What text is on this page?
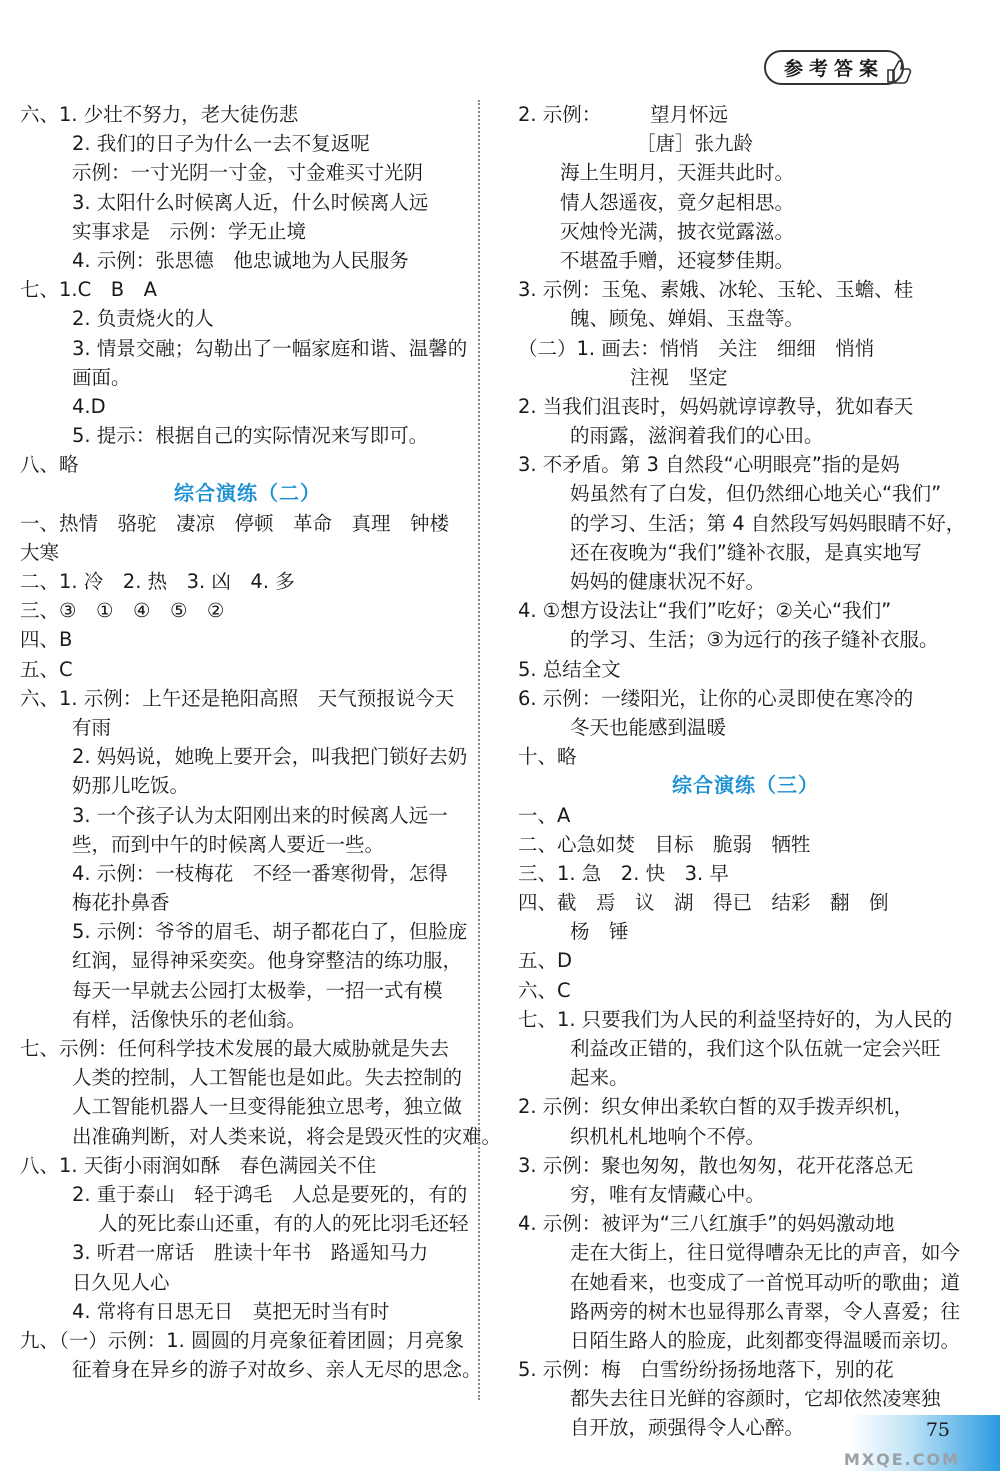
参考答案
六、1. 少壮不努力，老大徒伤悲
2. 我们的日子为什么一去不复返呢
示例：一寸光阴一寸金，寸金难买寸光阴
3. 太阳什么时候离人近，什么时候离人远
实事求是　示例：学无止境
4. 示例：张思德　他忠诚地为人民服务
七、1.C　B　A
2. 负责烧火的人
3. 情景交融；勾勒出了一幅家庭和谐、温馨的
画面。
4.D
5. 提示：根据自己的实际情况来写即可。
八、略
综合演练（二）
一、热情　骆驼　凄凉　停顿　革命　真理　钟楼
大寒
二、1. 冷　2. 热　3. 凶　4. 多
三、③　①　④　⑤　②
四、B
五、C
六、1. 示例：上午还是艳阳高照　天气预报说今天
有雨
2. 妈妈说，她晚上要开会，叫我把门锁好去奶
奶那儿吃饭。
3. 一个孩子认为太阳刚出来的时候离人远一
些，而到中午的时候离人要近一些。
4. 示例：一枝梅花　不经一番寒彻骨，怎得
梅花扑鼻香
5. 示例：爷爷的眉毛、胡子都花白了，但脸庞
红润，显得神采奕奕。他身穿整洁的练功服，
每天一早就去公园打太极拳，一招一式有模
有样，活像快乐的老仙翁。
七、示例：任何科学技术发展的最大威胁就是失去
人类的控制，人工智能也是如此。失去控制的
人工智能机器人一旦变得能独立思考，独立做
出准确判断，对人类来说，将会是毁灭性的灾难。
八、1. 天街小雨润如酥　春色满园关不住
2. 重于泰山　轻于鸿毛　人总是要死的，有的
人的死比泰山还重，有的人的死比羽毛还轻
3. 听君一席话　胜读十年书　路遥知马力
日久见人心
4. 常将有日思无日　莫把无时当有时
九、（一）示例：1. 圆圆的月亮象征着团圆；月亮象
征着身在异乡的游子对故乡、亲人无尽的思念。
2. 示例：　　　望月怀远
［唐］张九龄
海上生明月，天涯共此时。
情人怨遥夜，竟夕起相思。
灭烛怜光满，披衣觉露滋。
不堪盈手赠，还寝梦佳期。
3. 示例：玉兔、素娥、冰轮、玉轮、玉蟾、桂
魄、顾兔、婵娟、玉盘等。
（二）1. 画去：悄悄　关注　细细　悄悄
注视　坚定
2. 当我们沮丧时，妈妈就谆谆教导，犹如春天
的雨露，滋润着我们的心田。
3. 不矛盾。第 3 自然段“心明眼亮”指的是妈
妈虽然有了白发，但仍然细心地关心“我们”
的学习、生活；第 4 自然段写妈妈眼睛不好，
还在夜晚为“我们”缝补衣服，是真实地写
妈妈的健康状况不好。
4. ①想方设法让“我们”吃好；②关心“我们”
的学习、生活；③为远行的孩子缝补衣服。
5. 总结全文
6. 示例：一缕阳光，让你的心灵即使在寒冷的
冬天也能感到温暖
十、略
综合演练（三）
一、A
二、心急如焚　目标　脆弱　牺牲
三、1. 急　2. 快　3. 早
四、截　焉　议　湖　得已　结彩　翻　倒
杨　锤
五、D
六、C
七、1. 只要我们为人民的利益坚持好的，为人民的
利益改正错的，我们这个队伍就一定会兴旺
起来。
2. 示例：织女伸出柔软白皙的双手拨弄织机，
织机札札地响个不停。
3. 示例：聚也匆匆，散也匆匆，花开花落总无
穷，唯有友情藏心中。
4. 示例：被评为“三八红旗手”的妈妈激动地
走在大街上，往日觉得嘈杂无比的声音，如今
在她看来，也变成了一首悦耳动听的歌曲；道
路两旁的树木也显得那么青翠，令人喜爱；往
日陌生路人的脸庞，此刻都变得温暖而亲切。
5. 示例：梅　白雪纷纷扬扬地落下，别的花
都失去往日光鲜的容颜时，它却依然凌寒独
自开放，顽强得令人心醉。	75
MXQE.COM
